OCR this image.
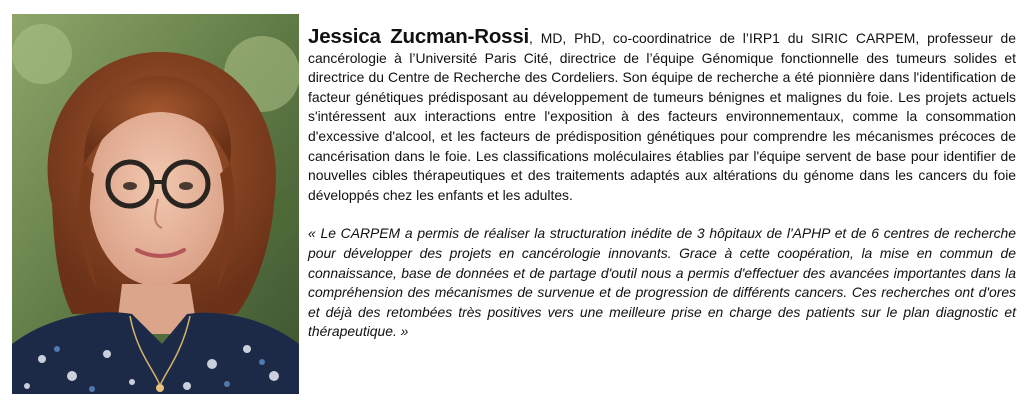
Jessica Zucman-Rossi, MD, PhD, co-coordinatrice de l’IRP1 du SIRIC CARPEM, professeur de cancérologie à l’Université Paris Cité, directrice de l’équipe Génomique fonctionnelle des tumeurs solides et directrice du Centre de Recherche des Cordeliers. Son équipe de recherche a été pionnière dans l'identification de facteur génétiques prédisposant au développement de tumeurs bénignes et malignes du foie. Les projets actuels s'intéressent aux interactions entre l'exposition à des facteurs environnementaux, comme la consommation d'excessive d'alcool, et les facteurs de prédisposition génétiques pour comprendre les mécanismes précoces de cancérisation dans le foie. Les classifications moléculaires établies par l'équipe servent de base pour identifier de nouvelles cibles thérapeutiques et des traitements adaptés aux altérations du génome dans les cancers du foie développés chez les enfants et les adultes.

« Le CARPEM a permis de réaliser la structuration inédite de 3 hôpitaux de l'APHP et de 6 centres de recherche pour développer des projets en cancérologie innovants. Grace à cette coopération, la mise en commun de connaissance, base de données et de partage d'outil nous a permis d'effectuer des avancées importantes dans la compréhension des mécanismes de survenue et de progression de différents cancers. Ces recherches ont d'ores et déjà des retombées très positives vers une meilleure prise en charge des patients sur le plan diagnostic et thérapeutique. »
